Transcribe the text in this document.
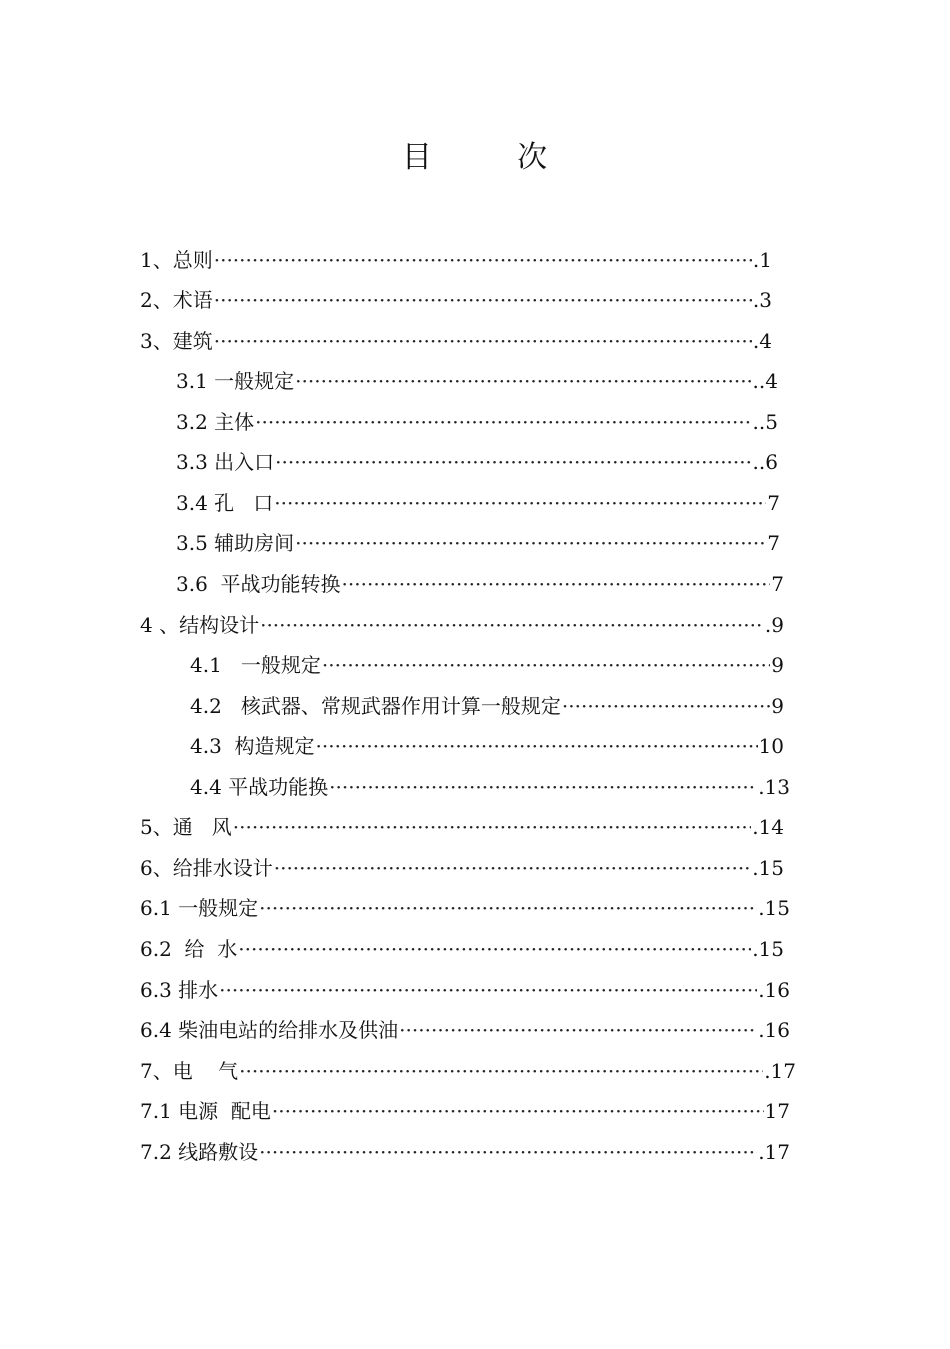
目        次
1、总则 ·····	.1
2、术语 ·····	.3
3、建筑 ·····	.4
3.1 一般规定 ·····	..4
3.2 主体 ·····	..5
3.3 出入口 ·····	..6
3.4 孔   口 ·····	7
3.5 辅助房间 ·····	7
3.6  平战功能转换 ·····	7
4 、结构设计 ·····	.9
4.1   一般规定 ·····	9
4.2   核武器、常规武器作用计算一般规定 ·····	9
4.3  构造规定 ·····	10
4.4 平战功能换 ·····	.13
5、通   风 ·····	.14
6、给排水设计 ·····	.15
6.1 一般规定 ·····	.15
6.2  给  水 ·····	.15
6.3 排水 ·····	.16
6.4 柴油电站的给排水及供油 ·····	.16
7、电    气 ·····	.17
7.1 电源  配电 ·····	17
7.2 线路敷设 ·····	.17
